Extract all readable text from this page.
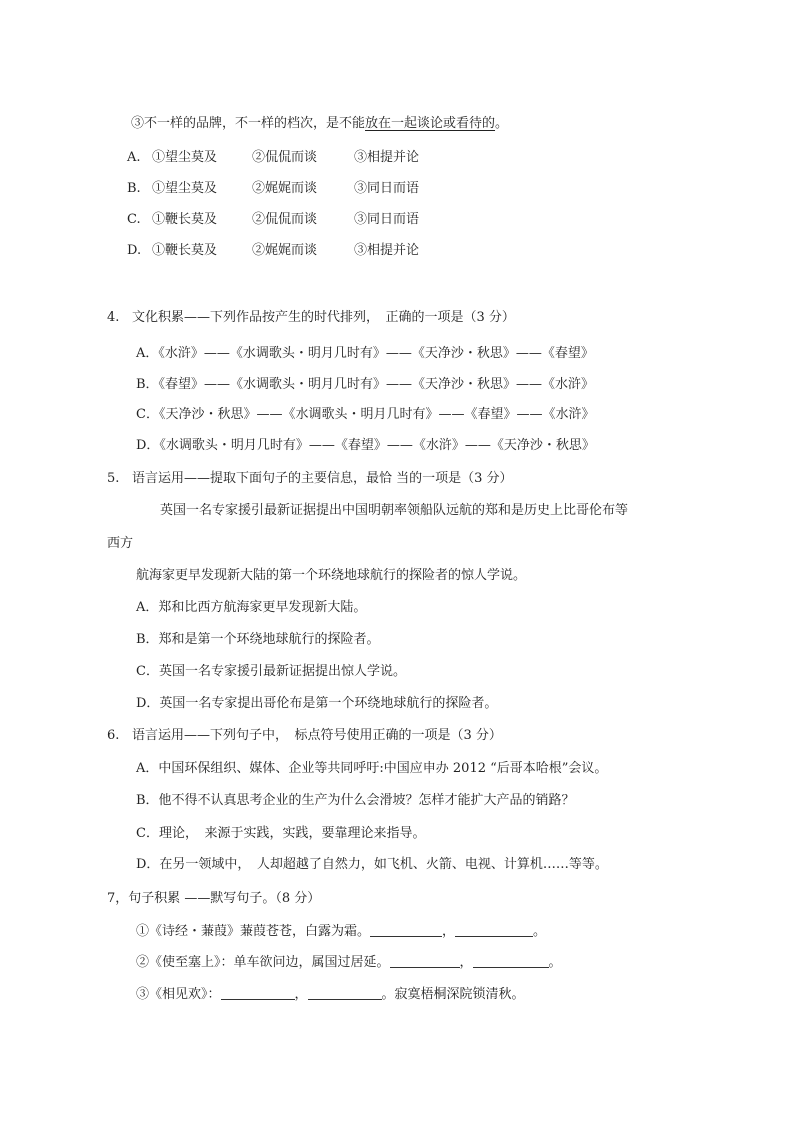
③不一样的品牌，不一样的档次，是不能放在一起谈论或看待的。
A. ①望尘莫及	②侃侃而谈	③相提并论
B. ①望尘莫及	②娓娓而谈	③同日而语
C. ①鞭长莫及	②侃侃而谈	③同日而语
D. ①鞭长莫及	②娓娓而谈	③相提并论
4. 文化积累——下列作品按产生的时代排列，　正确的一项是（3 分）
A．《水浒》——《水调歌头・明月几时有》——《天净沙・秋思》——《春望》
B．《春望》——《水调歌头・明月几时有》——《天净沙・秋思》——《水浒》
C．《天净沙・秋思》——《水调歌头・明月几时有》——《春望》——《水浒》
D．《水调歌头・明月几时有》——《春望》——《水浒》——《天净沙・秋思》
5. 语言运用——提取下面句子的主要信息，最恰 当的一项是（3 分）
英国一名专家援引最新证据提出中国明朝率领船队远航的郑和是历史上比哥伦布等
西方
航海家更早发现新大陆的第一个环绕地球航行的探险者的惊人学说。
A．郑和比西方航海家更早发现新大陆。
B．郑和是第一个环绕地球航行的探险者。
C．英国一名专家援引最新证据提出惊人学说。
D．英国一名专家提出哥伦布是第一个环绕地球航行的探险者。
6. 语言运用——下列句子中，　标点符号使用正确的一项是（3 分）
A．中国环保组织、媒体、企业等共同呼吁:中国应申办 2012 “后哥本哈根”会议。
B．他不得不认真思考企业的生产为什么会滑坡？怎样才能扩大产品的销路？
C．理论，　来源于实践，实践，要靠理论来指导。
D．在另一领域中，　人却超越了自然力，如飞机、火箭、电视、计算机……等等。
7，句子积累 ——默写句子。（8 分）
①《诗经・蒹葭》蒹葭苍苍，白露为霜。	，	。
②《使至塞上》：单车欲问边，属国过居延。	，	。
③《相见欢》：	，	。寂寞梧桐深院锁清秋。
